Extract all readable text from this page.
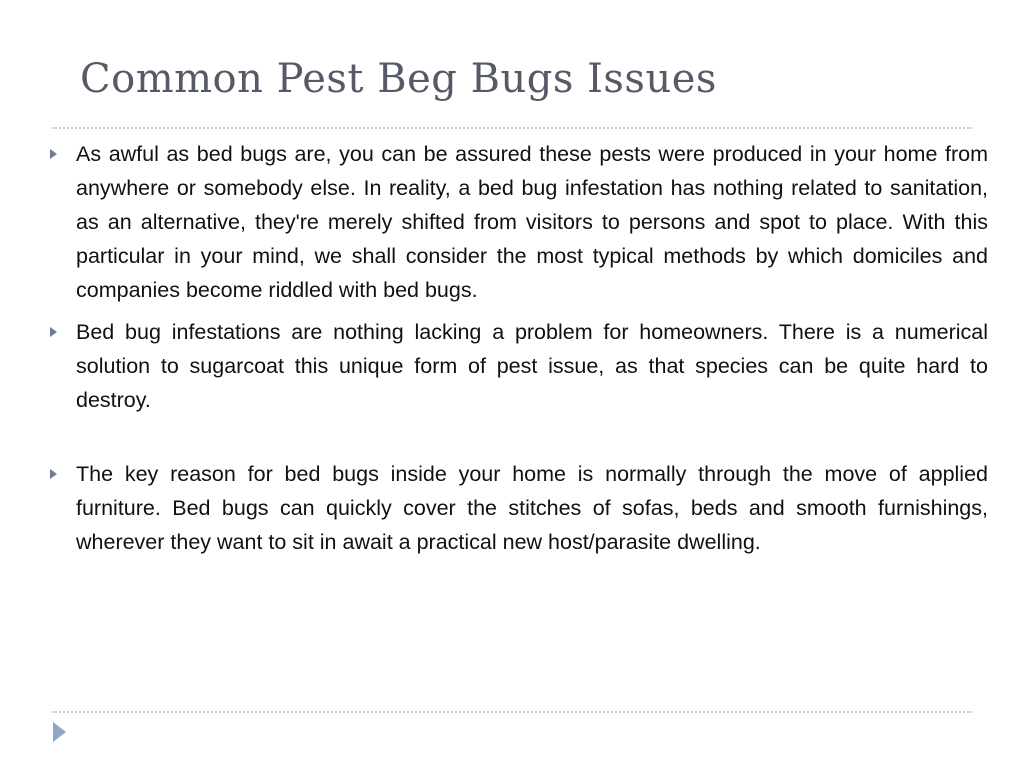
Common Pest Beg Bugs Issues
As awful as bed bugs are, you can be assured these pests were produced in your home from anywhere or somebody else. In reality, a bed bug infestation has nothing related to sanitation, as an alternative, they're merely shifted from visitors to persons and spot to place. With this particular in your mind, we shall consider the most typical methods by which domiciles and companies become riddled with bed bugs.
Bed bug infestations are nothing lacking a problem for homeowners. There is a numerical solution to sugarcoat this unique form of pest issue, as that species can be quite hard to destroy.
The key reason for bed bugs inside your home is normally through the move of applied furniture. Bed bugs can quickly cover the stitches of sofas, beds and smooth furnishings, wherever they want to sit in await a practical new host/parasite dwelling.
